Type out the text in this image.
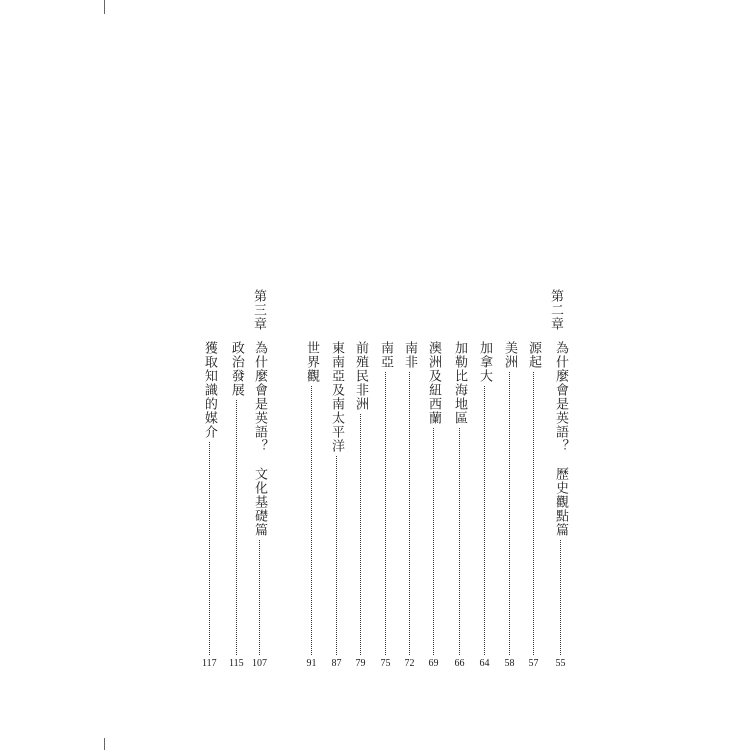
第二章
為什麼會是英語？　歷史觀點篇
55
源起
57
美洲
58
加拿大
64
加勒比海地區
66
澳洲及紐西蘭
69
南非
72
南亞
75
前殖民非洲
79
東南亞及南太平洋
87
世界觀
91
第三章
為什麼會是英語？　文化基礎篇
107
政治發展
115
獲取知識的媒介
117
